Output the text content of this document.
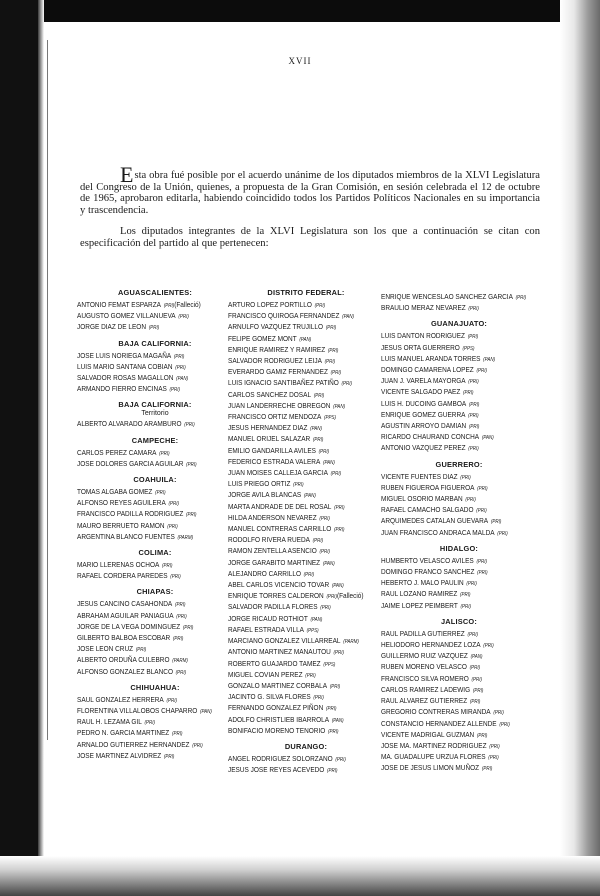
XVII

Esta obra fué posible por el acuerdo unánime de los diputados miembros de la XLVI Legislatura del Congreso de la Unión, quienes, a propuesta de la Gran Comisión, en sesión celebrada el 12 de octubre de 1965, aprobaron editarla, habiendo coincidido todos los Partidos Políticos Nacionales en su importancia y trascendencia.

Los diputados integrantes de la XLVI Legislatura son los que a continuación se citan con especificación del partido al que pertenecen:

AGUASCALIENTES:
ANTONIO FEMAT ESPARZA (PRI)(Falleció)
AUGUSTO GOMEZ VILLANUEVA (PRI)
JORGE DIAZ DE LEON (PRI)
BAJA CALIFORNIA:
JOSE LUIS NORIEGA MAGAÑA (PRI)
LUIS MARIO SANTANA COBIAN (PRI)
SALVADOR ROSAS MAGALLON (PAN)
ARMANDO FIERRO ENCINAS (PRI)
BAJA CALIFORNIA:
Territorio
ALBERTO ALVARADO ARAMBURO (PRI)
CAMPECHE:
CARLOS PEREZ CAMARA (PRI)
JOSE DOLORES GARCIA AGUILAR (PRI)
COAHUILA:
TOMAS ALGABA GOMEZ (PRI)
ALFONSO REYES AGUILERA (PRI)
FRANCISCO PADILLA RODRIGUEZ (PRI)
MAURO BERRUETO RAMON (PRI)
ARGENTINA BLANCO FUENTES (PARM)
COLIMA:
MARIO LLERENAS OCHOA (PRI)
RAFAEL CORDERA PAREDES (PRI)
CHIAPAS:
JESUS CANCINO CASAHONDA (PRI)
ABRAHAM AGUILAR PANIAGUA (PRI)
JORGE DE LA VEGA DOMINGUEZ (PRI)
GILBERTO BALBOA ESCOBAR (PRI)
JOSE LEON CRUZ (PRI)
ALBERTO ORDUÑA CULEBRO (PARM)
ALFONSO GONZALEZ BLANCO (PRI)
CHIHUAHUA:
SAUL GONZALEZ HERRERA (PRI)
FLORENTINA VILLALOBOS CHAPARRO (PAN)
RAUL H. LEZAMA GIL (PRI)
PEDRO N. GARCIA MARTINEZ (PRI)
ARNALDO GUTIERREZ HERNANDEZ (PRI)
JOSE MARTINEZ ALVIDREZ (PRI)
DISTRITO FEDERAL:
ARTURO LOPEZ PORTILLO (PRI)
FRANCISCO QUIROGA FERNANDEZ (PAN)
ARNULFO VAZQUEZ TRUJILLO (PRI)
FELIPE GOMEZ MONT (PAN)
ENRIQUE RAMIREZ Y RAMIREZ (PRI)
SALVADOR RODRIGUEZ LEIJA (PRI)
EVERARDO GAMIZ FERNANDEZ (PRI)
LUIS IGNACIO SANTIBAÑEZ PATIÑO (PRI)
CARLOS SANCHEZ DOSAL (PRI)
JUAN LANDERRECHE OBREGON (PAN)
FRANCISCO ORTIZ MENDOZA (PPS)
JESUS HERNANDEZ DIAZ (PAN)
MANUEL ORIJEL SALAZAR (PRI)
EMILIO GANDARILLA AVILES (PRI)
FEDERICO ESTRADA VALERA (PAN)
JUAN MOISES CALLEJA GARCIA (PRI)
LUIS PRIEGO ORTIZ (PRI)
JORGE AVILA BLANCAS (PAN)
MARTA ANDRADE DE DEL ROSAL (PRI)
HILDA ANDERSON NEVAREZ (PRI)
MANUEL CONTRERAS CARRILLO (PRI)
RODOLFO RIVERA RUEDA (PRI)
RAMON ZENTELLA ASENCIO (PRI)
JORGE GARABITO MARTINEZ (PAN)
ALEJANDRO CARRILLO (PRI)
ABEL CARLOS VICENCIO TOVAR (PAN)
ENRIQUE TORRES CALDERON (PRI)(Falleció)
SALVADOR PADILLA FLORES (PRI)
JORGE RICAUD ROTHIOT (PAN)
RAFAEL ESTRADA VILLA (PPS)
MARCIANO GONZALEZ VILLARREAL (PARM)
ANTONIO MARTINEZ MANAUTOU (PRI)
ROBERTO GUAJARDO TAMEZ (PPS)
MIGUEL COVIAN PEREZ (PRI)
GONZALO MARTINEZ CORBALA (PRI)
JACINTO G. SILVA FLORES (PRI)
FERNANDO GONZALEZ PIÑON (PRI)
ADOLFO CHRISTLIEB IBARROLA (PAN)
BONIFACIO MORENO TENORIO (PRI)
DURANGO:
ANGEL RODRIGUEZ SOLORZANO (PRI)
JESUS JOSE REYES ACEVEDO (PRI)
ENRIQUE WENCESLAO SANCHEZ GARCIA (PRI)
BRAULIO MERAZ NEVAREZ (PRI)
GUANAJUATO:
LUIS DANTON RODRIGUEZ (PRI)
JESUS ORTA GUERRERO (PPS)
LUIS MANUEL ARANDA TORRES (PAN)
DOMINGO CAMARENA LOPEZ (PRI)
JUAN J. VARELA MAYORGA (PRI)
VICENTE SALGADO PAEZ (PRI)
LUIS H. DUCOING GAMBOA (PRI)
ENRIQUE GOMEZ GUERRA (PRI)
AGUSTIN ARROYO DAMIAN (PRI)
RICARDO CHAURAND CONCHA (PAN)
ANTONIO VAZQUEZ PEREZ (PRI)
GUERRERO:
VICENTE FUENTES DIAZ (PRI)
RUBEN FIGUEROA FIGUEROA (PRI)
MIGUEL OSORIO MARBAN (PRI)
RAFAEL CAMACHO SALGADO (PRI)
ARQUIMEDES CATALAN GUEVARA (PRI)
JUAN FRANCISCO ANDRACA MALDA (PRI)
HIDALGO:
HUMBERTO VELASCO AVILES (PRI)
DOMINGO FRANCO SANCHEZ (PRI)
HEBERTO J. MALO PAULIN (PRI)
RAUL LOZANO RAMIREZ (PRI)
JAIME LOPEZ PEIMBERT (PRI)
JALISCO:
RAUL PADILLA GUTIERREZ (PRI)
HELIODORO HERNANDEZ LOZA (PRI)
GUILLERMO RUIZ VAZQUEZ (PAN)
RUBEN MORENO VELASCO (PRI)
FRANCISCO SILVA ROMERO (PRI)
CARLOS RAMIREZ LADEWIG (PRI)
RAUL ALVAREZ GUTIERREZ (PRI)
GREGORIO CONTRERAS MIRANDA (PRI)
CONSTANCIO HERNANDEZ ALLENDE (PRI)
VICENTE MADRIGAL GUZMAN (PRI)
JOSE MA. MARTINEZ RODRIGUEZ (PRI)
MA. GUADALUPE URZUA FLORES (PRI)
JOSE DE JESUS LIMON MUÑOZ (PRI)
